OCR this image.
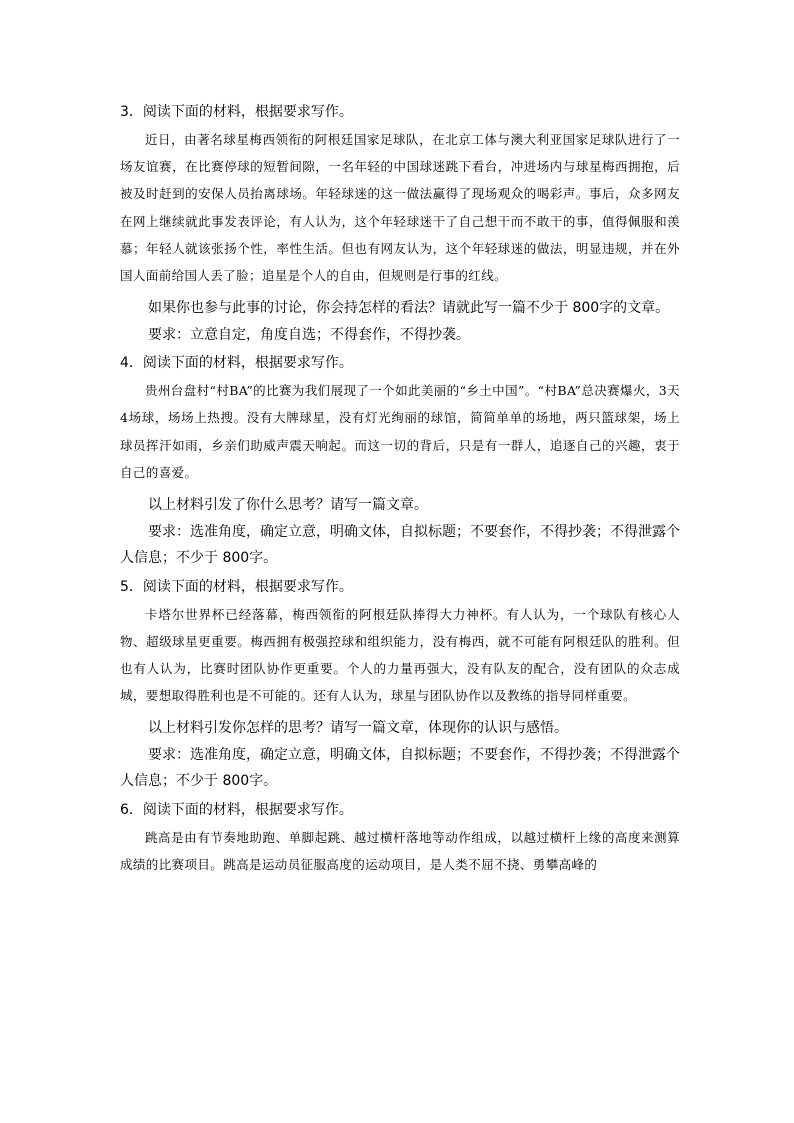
3．阅读下面的材料，根据要求写作。
近日，由著名球星梅西领衔的阿根廷国家足球队，在北京工体与澳大利亚国家足球队进行了一场友谊赛，在比赛停球的短暂间隙，一名年轻的中国球迷跳下看台，冲进场内与球星梅西拥抱，后被及时赶到的安保人员抬离球场。年轻球迷的这一做法赢得了现场观众的喝彩声。事后，众多网友在网上继续就此事发表评论，有人认为，这个年轻球迷干了自己想干而不敢干的事，值得佩服和羡慕；年轻人就该张扬个性，率性生活。但也有网友认为，这个年轻球迷的做法，明显违规，并在外国人面前给国人丢了脸；追星是个人的自由，但规则是行事的红线。

如果你也参与此事的讨论，你会持怎样的看法？请就此写一篇不少于 800字的文章。

要求：立意自定，角度自选；不得套作，不得抄袭。

4．阅读下面的材料，根据要求写作。
贵州台盘村“村BA”的比赛为我们展现了一个如此美丽的“乡土中国”。“村BA”总决赛爆火，3天4场球，场场上热搜。没有大牌球星，没有灯光绚丽的球馆，简简单单的场地，两只篮球架，场上球员挥汗如雨，乡亲们助威声震天响起。而这一切的背后，只是有一群人，追逐自己的兴趣，衷于自己的喜爱。

以上材料引发了你什么思考？请写一篇文章。

要求：选准角度，确定立意，明确文体，自拟标题；不要套作，不得抄袭；不得泄露个人信息；不少于 800字。

5．阅读下面的材料，根据要求写作。
卡塔尔世界杯已经落幕，梅西领衔的阿根廷队捧得大力神杯。有人认为，一个球队有核心人物、超级球星更重要。梅西拥有极强控球和组织能力，没有梅西，就不可能有阿根廷队的胜利。但也有人认为，比赛时团队协作更重要。个人的力量再强大，没有队友的配合，没有团队的众志成城，要想取得胜利也是不可能的。还有人认为，球星与团队协作以及教练的指导同样重要。

以上材料引发你怎样的思考？请写一篇文章，体现你的认识与感悟。

要求：选准角度，确定立意，明确文体，自拟标题；不要套作，不得抄袭；不得泄露个人信息；不少于 800字。

6．阅读下面的材料，根据要求写作。
跳高是由有节奏地助跑、单脚起跳、越过横杆落地等动作组成，以越过横杆上缘的高度来测算成绩的比赛项目。跳高是运动员征服高度的运动项目，是人类不屈不挠、勇攀高峰的
